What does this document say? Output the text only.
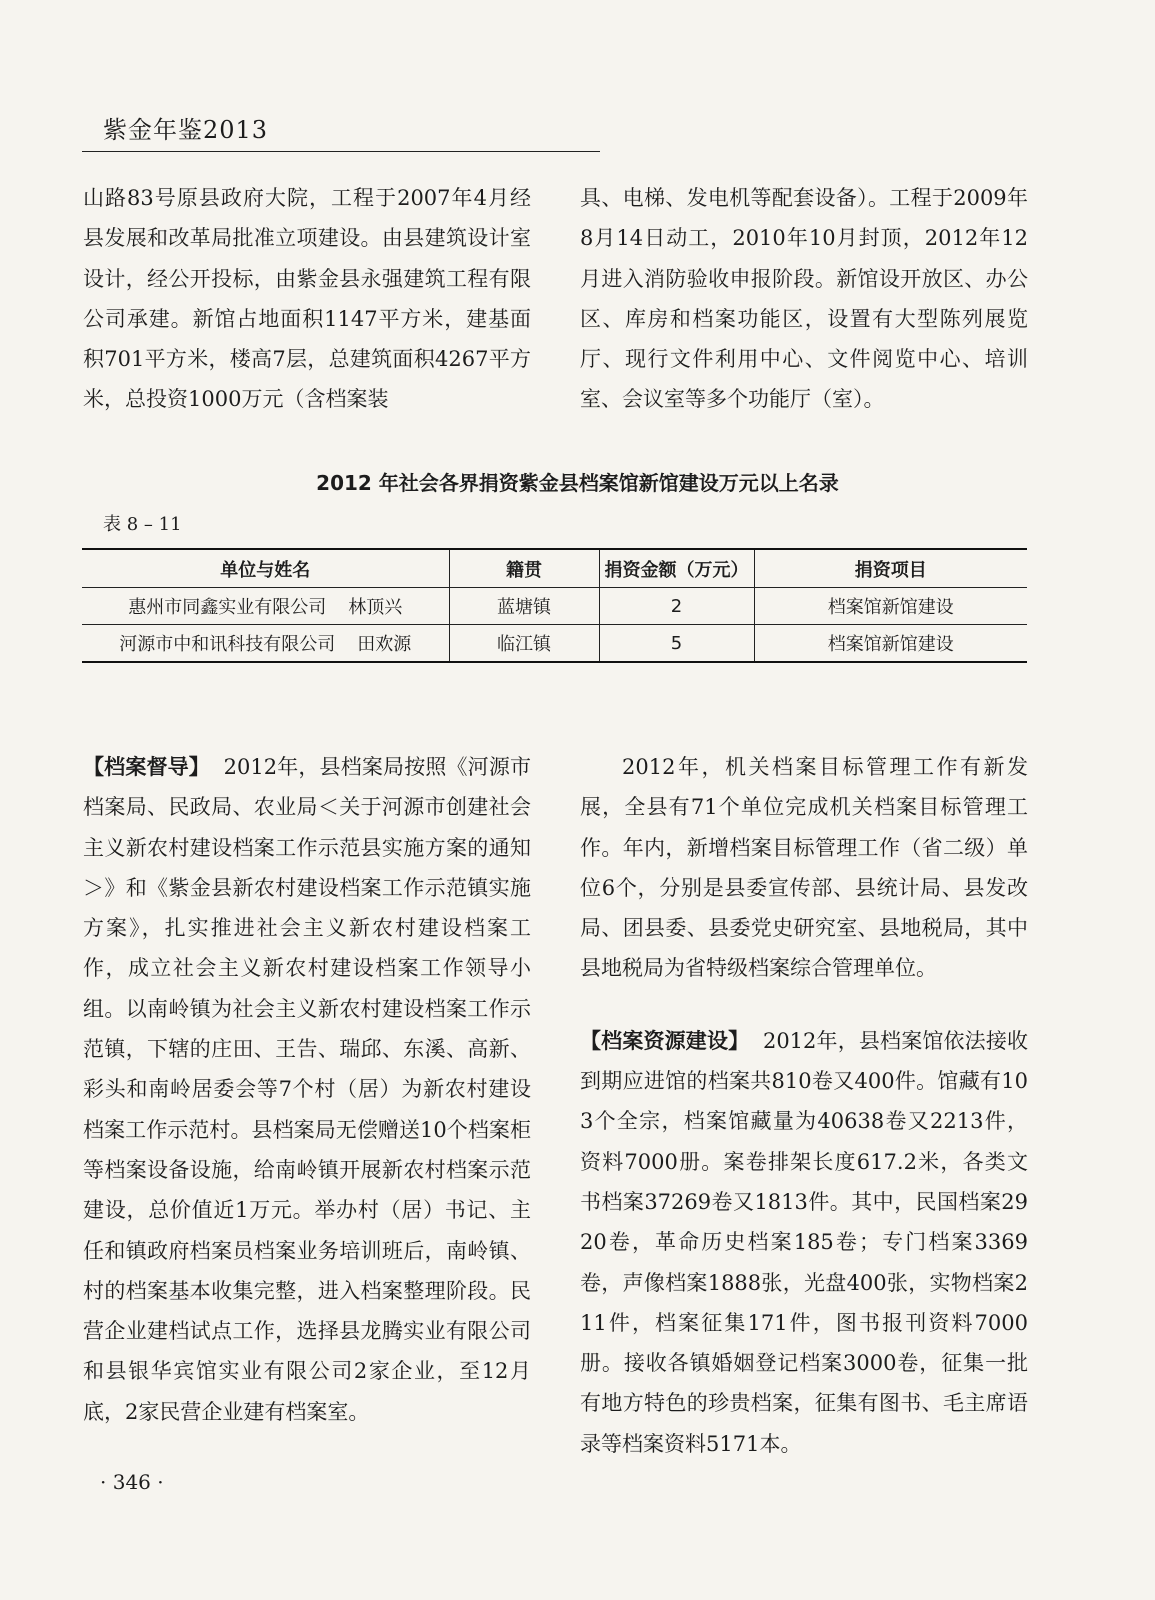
紫金年鉴2013

山路83号原县政府大院，工程于2007年4月经县发展和改革局批准立项建设。由县建筑设计室设计，经公开投标，由紫金县永强建筑工程有限公司承建。新馆占地面积1147平方米，建基面积701平方米，楼高7层，总建筑面积4267平方米，总投资1000万元（含档案装

具、电梯、发电机等配套设备）。工程于2009年8月14日动工，2010年10月封顶，2012年12月进入消防验收申报阶段。新馆设开放区、办公区、库房和档案功能区，设置有大型陈列展览厅、现行文件利用中心、文件阅览中心、培训室、会议室等多个功能厅（室）。

2012 年社会各界捐资紫金县档案馆新馆建设万元以上名录
表 8 – 11
单位与姓名	籍贯	捐资金额（万元）	捐资项目
惠州市同鑫实业有限公司 林顶兴	蓝塘镇	2	档案馆新馆建设
河源市中和讯科技有限公司 田欢源	临江镇	5	档案馆新馆建设

【档案督导】 2012年，县档案局按照《河源市档案局、民政局、农业局＜关于河源市创建社会主义新农村建设档案工作示范县实施方案的通知＞》和《紫金县新农村建设档案工作示范镇实施方案》，扎实推进社会主义新农村建设档案工作，成立社会主义新农村建设档案工作领导小组。以南岭镇为社会主义新农村建设档案工作示范镇，下辖的庄田、王告、瑞邱、东溪、高新、彩头和南岭居委会等7个村（居）为新农村建设档案工作示范村。县档案局无偿赠送10个档案柜等档案设备设施，给南岭镇开展新农村档案示范建设，总价值近1万元。举办村（居）书记、主任和镇政府档案员档案业务培训班后，南岭镇、村的档案基本收集完整，进入档案整理阶段。民营企业建档试点工作，选择县龙腾实业有限公司和县银华宾馆实业有限公司2家企业，至12月底，2家民营企业建有档案室。

2012年，机关档案目标管理工作有新发展，全县有71个单位完成机关档案目标管理工作。年内，新增档案目标管理工作（省二级）单位6个，分别是县委宣传部、县统计局、县发改局、团县委、县委党史研究室、县地税局，其中县地税局为省特级档案综合管理单位。

【档案资源建设】 2012年，县档案馆依法接收到期应进馆的档案共810卷又400件。馆藏有103个全宗，档案馆藏量为40638卷又2213件，资料7000册。案卷排架长度617.2米，各类文书档案37269卷又1813件。其中，民国档案2920卷，革命历史档案185卷；专门档案3369卷，声像档案1888张，光盘400张，实物档案211件，档案征集171件，图书报刊资料7000册。接收各镇婚姻登记档案3000卷，征集一批有地方特色的珍贵档案，征集有图书、毛主席语录等档案资料5171本。

· 346 ·
